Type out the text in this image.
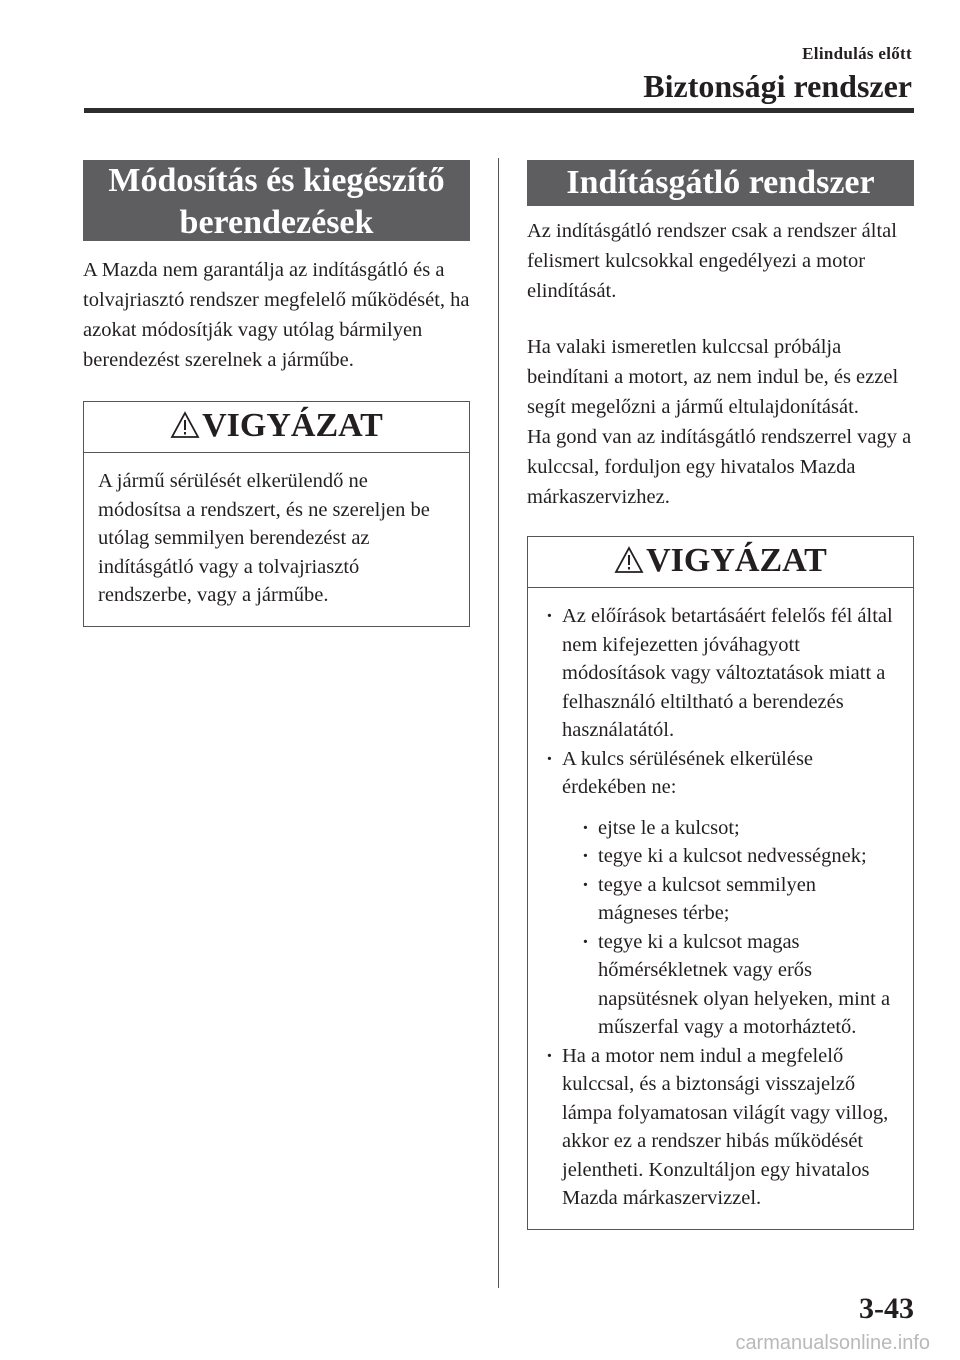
Elindulás előtt
Biztonsági rendszer
Módosítás és kiegészítő berendezések

A Mazda nem garantálja az indításgátló és a tolvajriasztó rendszer megfelelő működését, ha azokat módosítják vagy utólag bármilyen berendezést szerelnek a járműbe.

VIGYÁZAT
A jármű sérülését elkerülendő ne módosítsa a rendszert, és ne szereljen be utólag semmilyen berendezést az indításgátló vagy a tolvajriasztó rendszerbe, vagy a járműbe.
Indításgátló rendszer

Az indításgátló rendszer csak a rendszer által felismert kulcsokkal engedélyezi a motor elindítását.

Ha valaki ismeretlen kulccsal próbálja beindítani a motort, az nem indul be, és ezzel segít megelőzni a jármű eltulajdonítását.

Ha gond van az indításgátló rendszerrel vagy a kulccsal, forduljon egy hivatalos Mazda márkaszervizhez.

VIGYÁZAT
· Az előírások betartásáért felelős fél által nem kifejezetten jóváhagyott módosítások vagy változtatások miatt a felhasználó eltiltható a berendezés használatától.
· A kulcs sérülésének elkerülése érdekében ne:
· ejtse le a kulcsot;
· tegye ki a kulcsot nedvességnek;
· tegye a kulcsot semmilyen mágneses térbe;
· tegye ki a kulcsot magas hőmérsékletnek vagy erős napsütésnek olyan helyeken, mint a műszerfal vagy a motorháztető.
· Ha a motor nem indul a megfelelő kulccsal, és a biztonsági visszajelző lámpa folyamatosan világít vagy villog, akkor ez a rendszer hibás működését jelentheti. Konzultáljon egy hivatalos Mazda márkaszervizzel.
3-43
carmanualsonline.info
